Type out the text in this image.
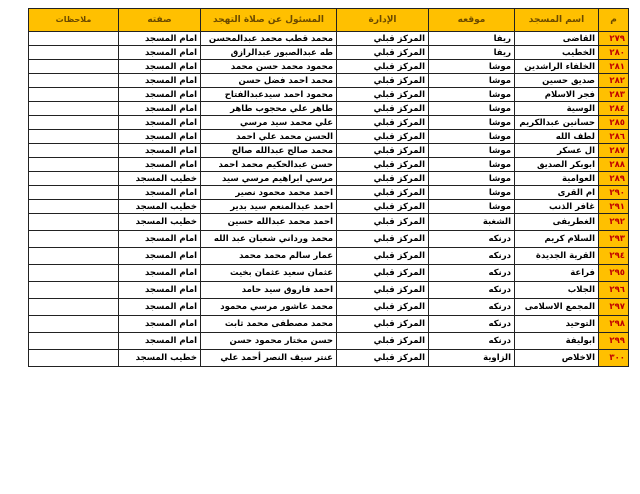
م	اسم المسجد	موقعه	الإدارة	المسئول عن صلاة التهجد	صفته	ملاحظات
٢٧٩	القاضى	ريفا	المركز قبلي	محمد قطب محمد عبدالمحسن	امام المسجد	
٢٨٠	الخطيب	ريفا	المركز قبلي	طه عبدالصبور عبدالرازق	امام المسجد	
٢٨١	الخلفاء الراشدين	موشا	المركز قبلي	محمود محمد حسن محمد	امام المسجد	
٢٨٢	صديق حسين	موشا	المركز قبلي	محمد احمد فضل حسن	امام المسجد	
٢٨٣	فجر الاسلام	موشا	المركز قبلي	محمود احمد سيدعبدالفتاح	امام المسجد	
٢٨٤	الوسية	موشا	المركز قبلي	طاهر علي محجوب طاهر	امام المسجد	
٢٨٥	حسانين عبدالكريم	موشا	المركز قبلي	علي محمد سيد مرسي	امام المسجد	
٢٨٦	لطف الله	موشا	المركز قبلي	الحسن محمد علي احمد	امام المسجد	
٢٨٧	ال عسكر	موشا	المركز قبلي	محمد صالح عبدالله صالح	امام المسجد	
٢٨٨	ابوبكر الصديق	موشا	المركز قبلي	حسن عبدالحكيم محمد احمد	امام المسجد	
٢٨٩	العوامية	موشا	المركز قبلي	مرسي ابراهيم مرسي سيد	خطيب المسجد	
٢٩٠	ام القرى	موشا	المركز قبلي	احمد محمد محمود نصير	امام المسجد	
٢٩١	غافر الذنب	موشا	المركز قبلي	احمد عبدالمنعم سيد بدير	خطيب المسجد	
٢٩٢	الغطريفى	الشغبة	المركز قبلي	احمد محمد عبدالله حسين	خطيب المسجد	
٢٩٣	السلام كريم	درنكه	المركز قبلي	محمد ورداني شعبان عبد الله	امام المسجد	
٢٩٤	القرية الجديدة	درنكه	المركز قبلي	عمار سالم محمد محمد	امام المسجد	
٢٩٥	فراعة	درنكه	المركز قبلي	عثمان سعيد عثمان بخيت	امام المسجد	
٢٩٦	الجلاب	درنكه	المركز قبلي	احمد فاروق سيد حامد	امام المسجد	
٢٩٧	المجمع الاسلامى	درنكه	المركز قبلي	محمد عاشور مرسي محمود	امام المسجد	
٢٩٨	التوحيد	درنكه	المركز قبلي	محمد مصطفى محمد ثابت	امام المسجد	
٢٩٩	ابوليفة	درنكه	المركز قبلي	حسن مختار محمود حسن	امام المسجد	
٣٠٠	الاخلاص	الزاوية	المركز قبلي	عنتر سيف النصر أحمد علي	خطيب المسجد	
